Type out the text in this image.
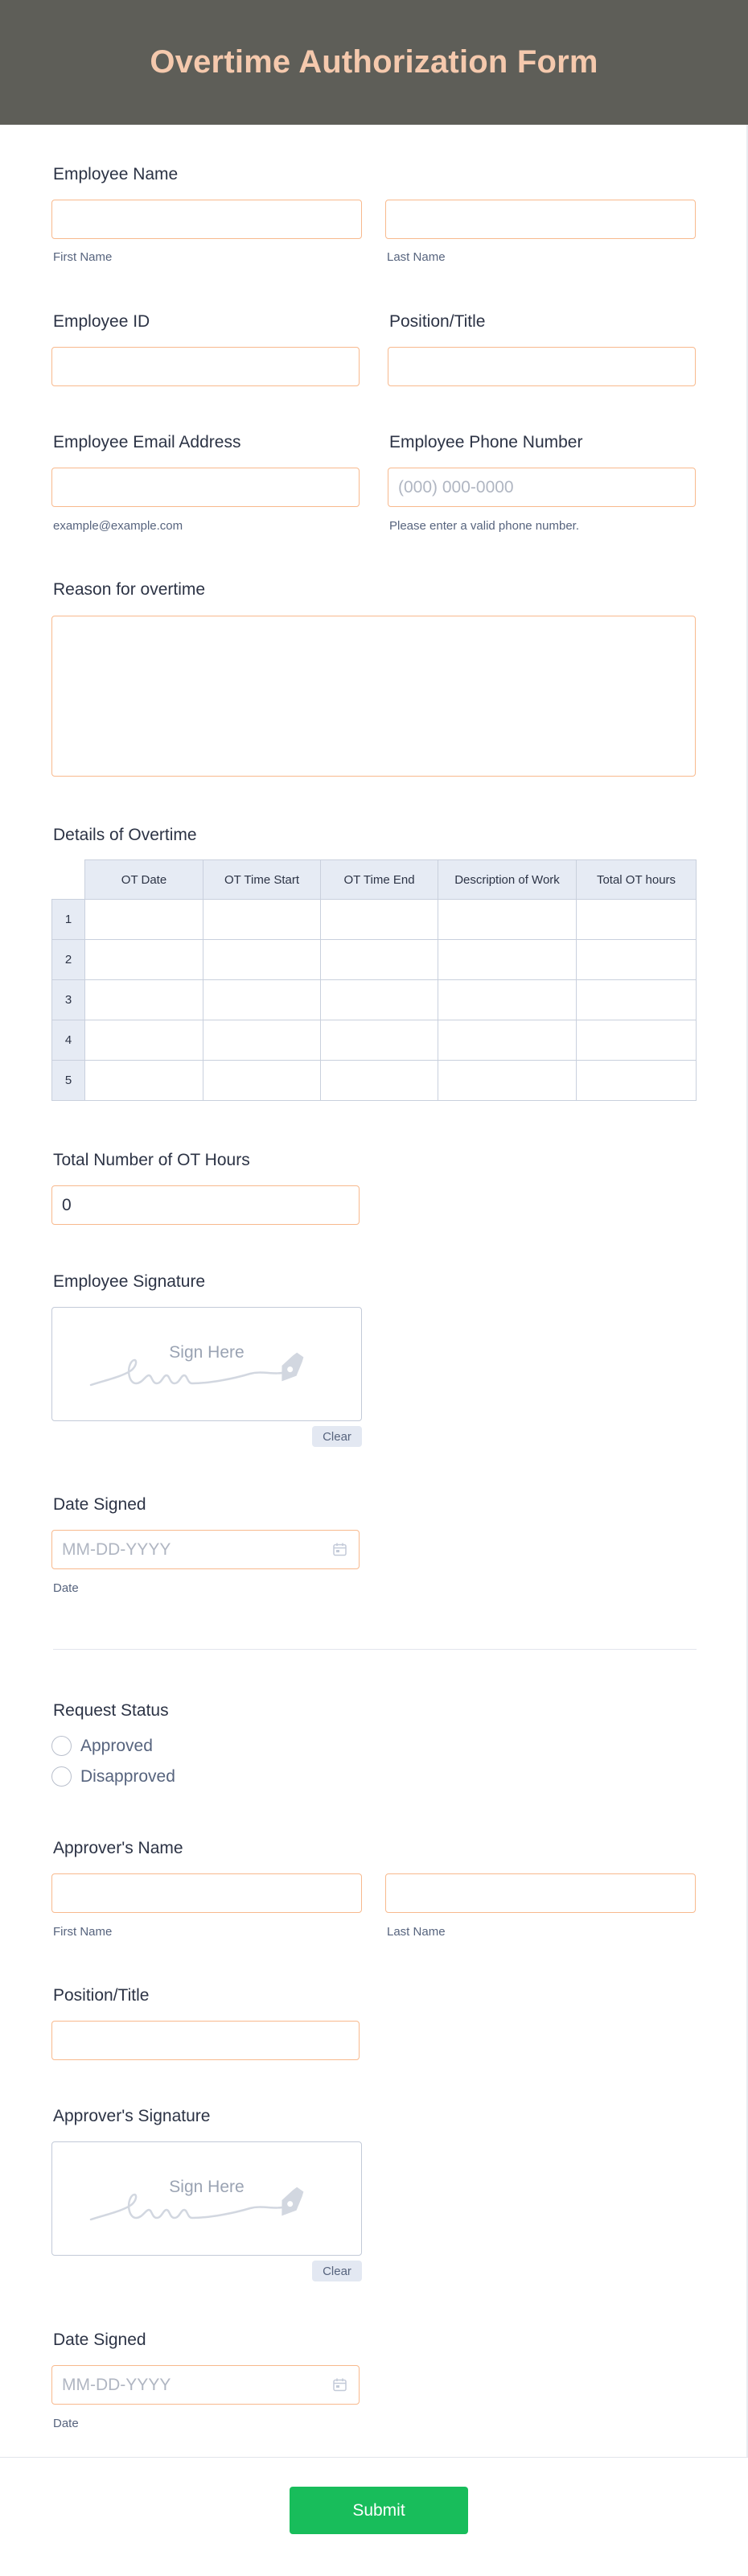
Overtime Authorization Form
Employee Name
First Name	Last Name
Employee ID	Position/Title
Employee Email Address
example@example.com
Employee Phone Number
(000) 000-0000
Please enter a valid phone number.
Reason for overtime
Details of Overtime
	OT Date	OT Time Start	OT Time End	Description of Work	Total OT hours
1					
2					
3					
4					
5					
Total Number of OT Hours
0
Employee Signature
Sign Here
Clear
Date Signed
MM-DD-YYYY
Date
Request Status
Approved
Disapproved
Approver's Name
First Name	Last Name
Position/Title
Approver's Signature
Sign Here
Clear
Date Signed
MM-DD-YYYY
Date
Submit
